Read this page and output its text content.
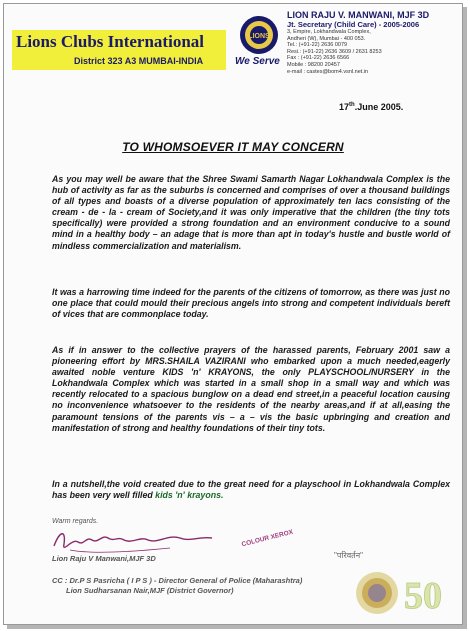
Lions Clubs International
District 323 A3 MUMBAI-INDIA
LIONS
We Serve
LION RAJU V. MANWANI, MJF 3D
Jt. Secretary (Child Care) - 2005-2006
3, Empire, Lokhandwala Complex,
Andheri (W), Mumbai - 400 053.
Tel.: (+91-22) 2636 0079
Resi.: (+91-22) 2636 3609 / 2631 8253
Fax : (+91-22) 2636 6566
Mobile : 98200 20457
e-mail : castes@bom4.vsnl.net.in
17th.June 2005.
TO WHOMSOEVER IT MAY CONCERN
As you may well be aware that the Shree Swami Samarth Nagar Lokhandwala Complex is the hub of activity as far as the suburbs is concerned and comprises of over a thousand buildings of all types and boasts of a diverse population of approximately ten lacs consisting of the cream - de - la - cream of Society,and it was only imperative that the children (the tiny tots specifically) were provided a strong foundation and an environment conducive to a sound mind in a healthy body – an adage that is more than apt in today's hustle and bustle world of mindless commercialization and materialism.
It was a harrowing time indeed for the parents of the citizens of tomorrow, as there was just no one place that could mould their precious angels into strong and competent individuals bereft of vices that are commonplace today.
As if in answer to the collective prayers of the harassed parents, February 2001 saw a pioneering effort by MRS.SHAILA VAZIRANI who embarked upon a much needed,eagerly awaited noble venture KIDS 'n' KRAYONS, the only PLAYSCHOOL/NURSERY in the Lokhandwala Complex which was started in a small shop in a small way and which was recently relocated to a spacious bunglow on a dead end street,in a peaceful location causing no inconvenience whatsoever to the residents of the nearby areas,and if at all,easing the paramount tensions of the parents vis – a – vis the basic upbringing and creation and manifestation of strong and healthy foundations of their tiny tots.
In a nutshell,the void created due to the great need for a playschool in Lokhandwala Complex has been very well filled kids 'n' krayons.
Warm regards.
COLOUR XEROX
Lion Raju V Manwani,MJF 3D	"परिवर्तन"
CC : Dr.P S Pasricha ( I P S ) - Director General of Police (Maharashtra)
Lion Sudharsanan Nair,MJF (District Governor)	50
